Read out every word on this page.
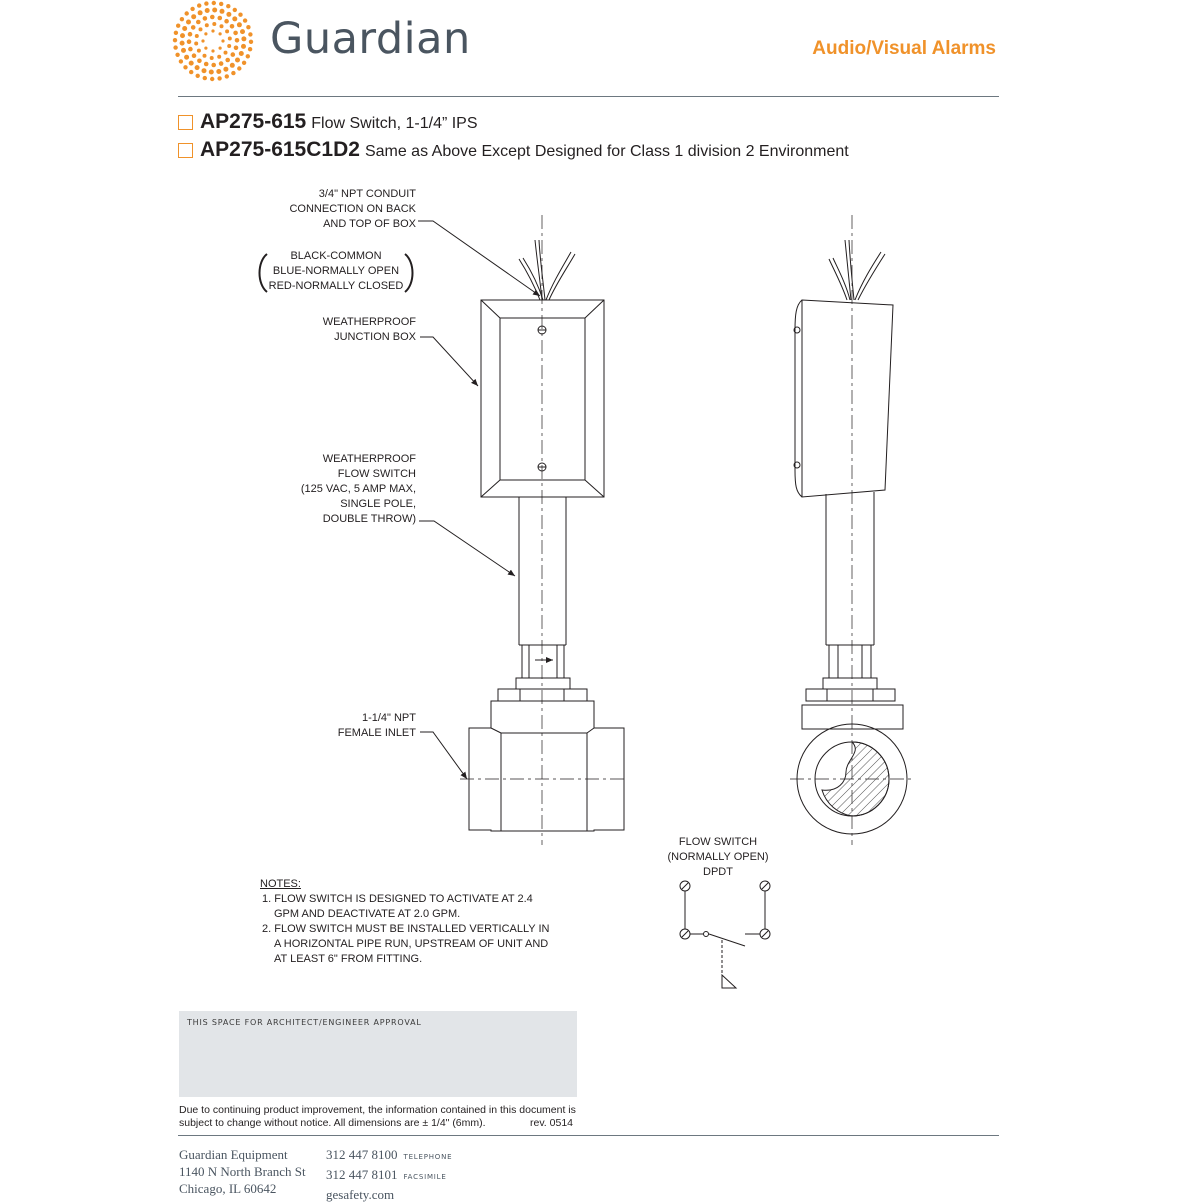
Guardian	Audio/Visual Alarms
AP275-615 Flow Switch, 1-1/4” IPS
AP275-615C1D2 Same as Above Except Designed for Class 1 division 2 Environment
3/4" NPT CONDUIT CONNECTION ON BACK AND TOP OF BOX
BLACK-COMMON BLUE-NORMALLY OPEN RED-NORMALLY CLOSED
WEATHERPROOF JUNCTION BOX
WEATHERPROOF FLOW SWITCH (125 VAC, 5 AMP MAX, SINGLE POLE, DOUBLE THROW)
1-1/4" NPT FEMALE INLET
FLOW SWITCH (NORMALLY OPEN) DPDT
NOTES:
1. FLOW SWITCH IS DESIGNED TO ACTIVATE AT 2.4 GPM AND DEACTIVATE AT 2.0 GPM.
2. FLOW SWITCH MUST BE INSTALLED VERTICALLY IN A HORIZONTAL PIPE RUN, UPSTREAM OF UNIT AND AT LEAST 6" FROM FITTING.
THIS SPACE FOR ARCHITECT/ENGINEER APPROVAL
Due to continuing product improvement, the information contained in this document is subject to change without notice. All dimensions are ± 1/4" (6mm).	rev. 0514
Guardian Equipment
1140 N North Branch St
Chicago, IL 60642
312 447 8100 TELEPHONE
312 447 8101 FACSIMILE
gesafety.com
